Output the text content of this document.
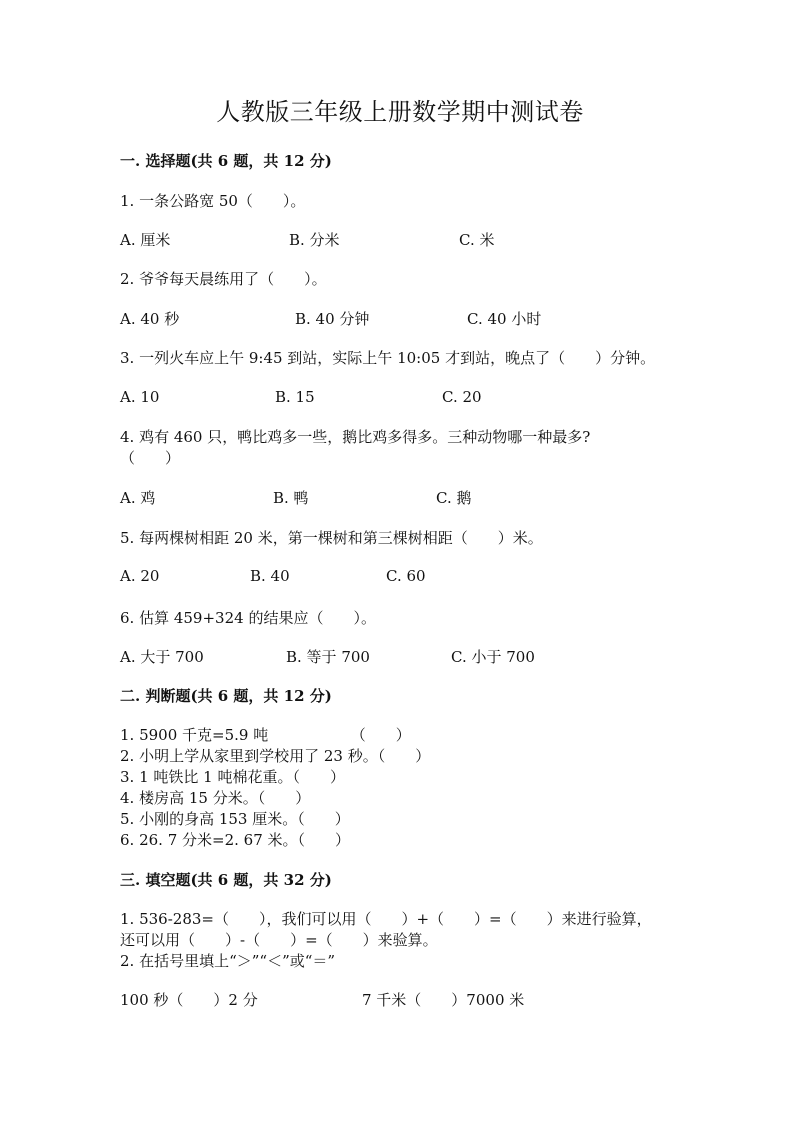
人教版三年级上册数学期中测试卷
一. 选择题(共 6 题，共 12 分)
1. 一条公路宽 50（　　）。
A. 厘米	B. 分米	C. 米
2. 爷爷每天晨练用了（　　）。
A. 40 秒	B. 40 分钟	C. 40 小时
3. 一列火车应上午 9:45 到站，实际上午 10:05 才到站，晚点了（　　）分钟。
A. 10	B. 15	C. 20
4. 鸡有 460 只，鸭比鸡多一些，鹅比鸡多得多。三种动物哪一种最多?
（　　）
A. 鸡	B. 鸭	C. 鹅
5. 每两棵树相距 20 米，第一棵树和第三棵树相距（　　）米。
A. 20	B. 40	C. 60
6. 估算 459+324 的结果应（　　）。
A. 大于 700	B. 等于 700	C. 小于 700
二. 判断题(共 6 题，共 12 分)
1. 5900 千克=5.9 吨　　　　　　（　　）
2. 小明上学从家里到学校用了 23 秒。（　　）
3. 1 吨铁比 1 吨棉花重。（　　）
4. 楼房高 15 分米。（　　）
5. 小刚的身高 153 厘米。（　　）
6. 26. 7 分米=2. 67 米。（　　）
三. 填空题(共 6 题，共 32 分)
1. 536-283=（　　），我们可以用（　　）+（　　）=（　　）来进行验算，
还可以用（　　）-（　　）=（　　）来验算。
2. 在括号里填上“＞”“＜”或“＝”
100 秒（　　）2 分	7 千米（　　）7000 米
